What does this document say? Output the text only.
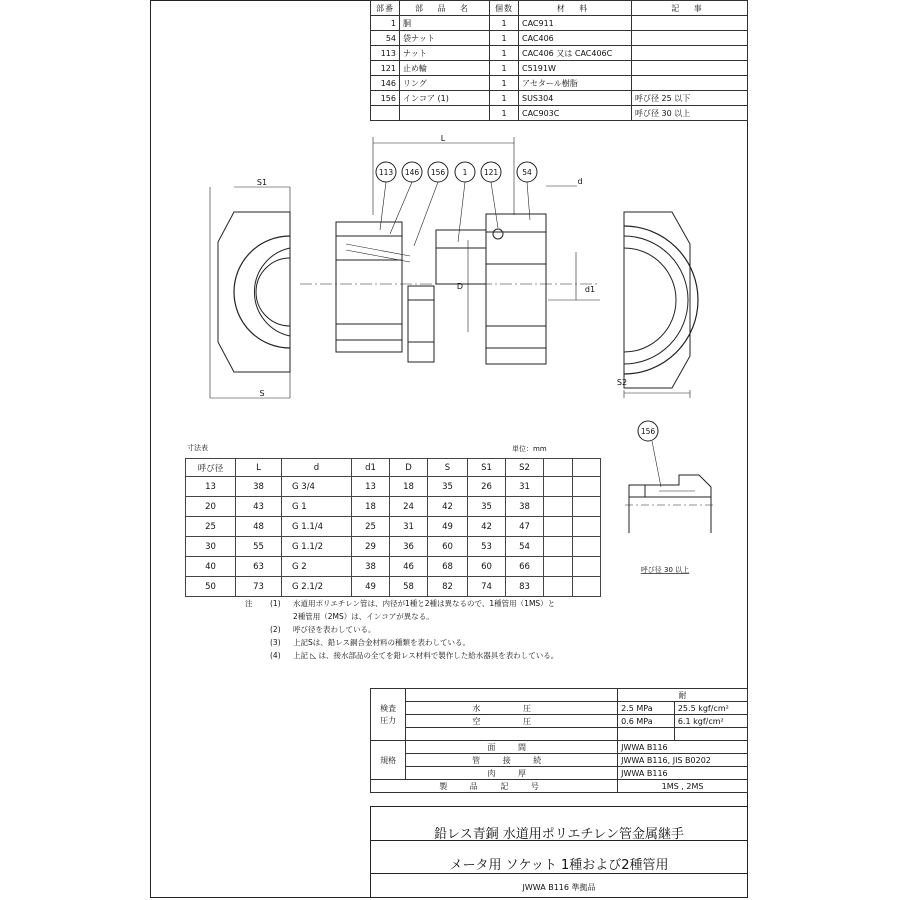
部番	部 品 名	個数	材 料	記 事
1	胴	1	CAC911	
54	袋ナット	1	CAC406	
113	ナット	1	CAC406 又は CAC406C	
121	止め輪	1	C5191W	
146	リング	1	アセタール樹脂	
156	インコア (1)	1	SUS304	呼び径 25 以下
		1	CAC903C	呼び径 30 以上
L
d
D	d1
S1
S
S2
113 146 156 1 121	54
156
呼び径 30 以上
寸法表	単位：mm
呼び径	L	d	d1	D	S	S1	S2		
13	38	G 3/4	13	18	35	26	31		
20	43	G 1	18	24	42	35	38		
25	48	G 1.1/4	25	31	49	42	47		
30	55	G 1.1/2	29	36	60	53	54		
40	63	G 2	38	46	68	60	66		
50	73	G 2.1/2	49	58	82	74	83		
注	(1)	水道用ポリエチレン管は、内径が1種と2種は異なるので、1種管用（1MS）と
2種管用（2MS）は、インコアが異なる。
(2)	呼び径を表わしている。
(3)	上記Sは、鉛レス銅合金材料の種類を表わしている。
(4)	上記 ◺ は、接水部品の全てを鉛レス材料で製作した給水器具を表わしている。
検査圧力		耐	
	水 圧	2.5 MPa	25.5 kgf/cm²
	空 圧	0.6 MPa	6.1 kgf/cm²

規格	面 間	JWWA B116	
	管 接 続	JWWA B116, JIS B0202	
	肉 厚	JWWA B116	
製 品 記 号		1MS , 2MS	
鉛レス青銅 水道用ポリエチレン管金属継手
メータ用 ソケット 1種および2種管用
JWWA B116 準拠品
